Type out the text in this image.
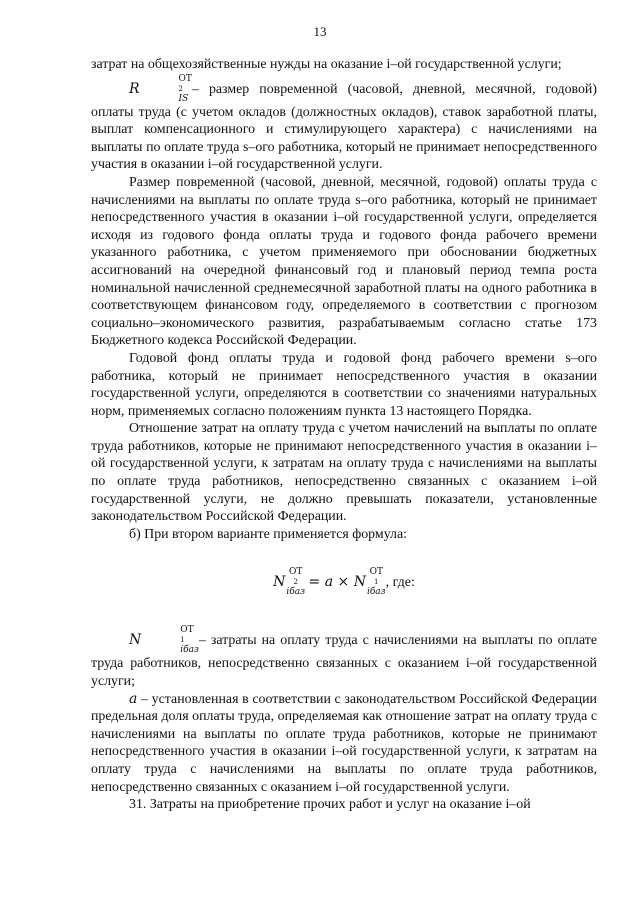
13

затрат на общехозяйственные нужды на оказание i–ой государственной услуги;

R
ОТ
2
IS
– размер повременной (часовой, дневной, месячной, годовой) оплаты труда (с учетом окладов (должностных окладов), ставок заработной платы, выплат компенсационного и стимулирующего характера) с начислениями на выплаты по оплате труда s–ого работника, который не принимает непосредственного участия в оказании i–ой государственной услуги.

Размер повременной (часовой, дневной, месячной, годовой) оплаты труда с начислениями на выплаты по оплате труда s–ого работника, который не принимает непосредственного участия в оказании i–ой государственной услуги, определяется исходя из годового фонда оплаты труда и годового фонда рабочего времени указанного работника, с учетом применяемого при обосновании бюджетных ассигнований на очередной финансовый год и плановый период темпа роста номинальной начисленной среднемесячной заработной платы на одного работника в соответствующем финансовом году, определяемого в соответствии с прогнозом социально–экономического развития, разрабатываемым согласно статье 173 Бюджетного кодекса Российской Федерации.

Годовой фонд оплаты труда и годовой фонд рабочего времени s–ого работника, который не принимает непосредственного участия в оказании государственной услуги, определяются в соответствии со значениями натуральных норм, применяемых согласно положениям пункта 13 настоящего Порядка.

Отношение затрат на оплату труда с учетом начислений на выплаты по оплате труда работников, которые не принимают непосредственного участия в оказании i–ой государственной услуги, к затратам на оплату труда с начислениями на выплаты по оплате труда работников, непосредственно связанных с оказанием i–ой государственной услуги, не должно превышать показатели, установленные законодательством Российской Федерации.

б) При втором варианте применяется формула:

N
ОТ
2
iбаз
= a × N
ОТ
1
iбаз
, где:

N
ОТ
1
iбаз
– затраты на оплату труда с начислениями на выплаты по оплате труда работников, непосредственно связанных с оказанием i–ой государственной услуги;

a – установленная в соответствии с законодательством Российской Федерации предельная доля оплаты труда, определяемая как отношение затрат на оплату труда с начислениями на выплаты по оплате труда работников, которые не принимают непосредственного участия в оказании i–ой государственной услуги, к затратам на оплату труда с начислениями на выплаты по оплате труда работников, непосредственно связанных с оказанием i–ой государственной услуги.

31. Затраты на приобретение прочих работ и услуг на оказание i–ой
